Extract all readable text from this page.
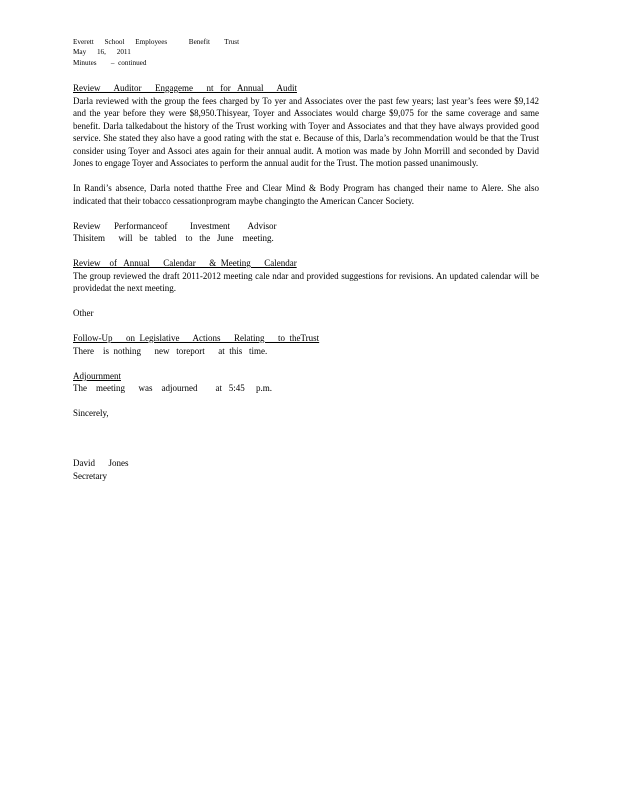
Everett      School      Employees            Benefit        Trust
May      16,      2011
Minutes        –  continued
Review      Auditor      Engageme      nt   for   Annual      Audit
Darla reviewed with the group the fees charged by To yer and Associates over the past few years; last year’s fees were $9,142 and the year before they were $8,950.Thisyear, Toyer and Associates would charge $9,075 for the same coverage and same benefit. Darla talkedabout the history of the Trust working with Toyer and Associates and that they have always provided good service. She stated they also have a good rating with the stat e. Because of this, Darla’s recommendation would be that the Trust consider using Toyer and Associ ates again for their annual audit. A motion was made by John Morrill and seconded by David Jones to engage Toyer and Associates to perform the annual audit for the Trust. The motion passed unanimously.
In Randi’s absence, Darla noted thatthe Free and Clear Mind & Body Program has changed their name to Alere. She also indicated that their tobacco cessationprogram maybe changingto the American Cancer Society.
Review      Performanceof          Investment        Advisor
Thisitem      will   be   tabled    to   the   June    meeting.
Review    of   Annual      Calendar      &  Meeting      Calendar
The group reviewed the draft 2011-2012 meeting cale ndar and provided suggestions for revisions. An updated calendar will be providedat the next meeting.
Other
Follow-Up      on  Legislative      Actions      Relating      to  theTrust
There    is  nothing      new   toreport      at  this   time.
Adjournment
The    meeting      was    adjourned        at   5:45     p.m.
Sincerely,
David      Jones
Secretary
